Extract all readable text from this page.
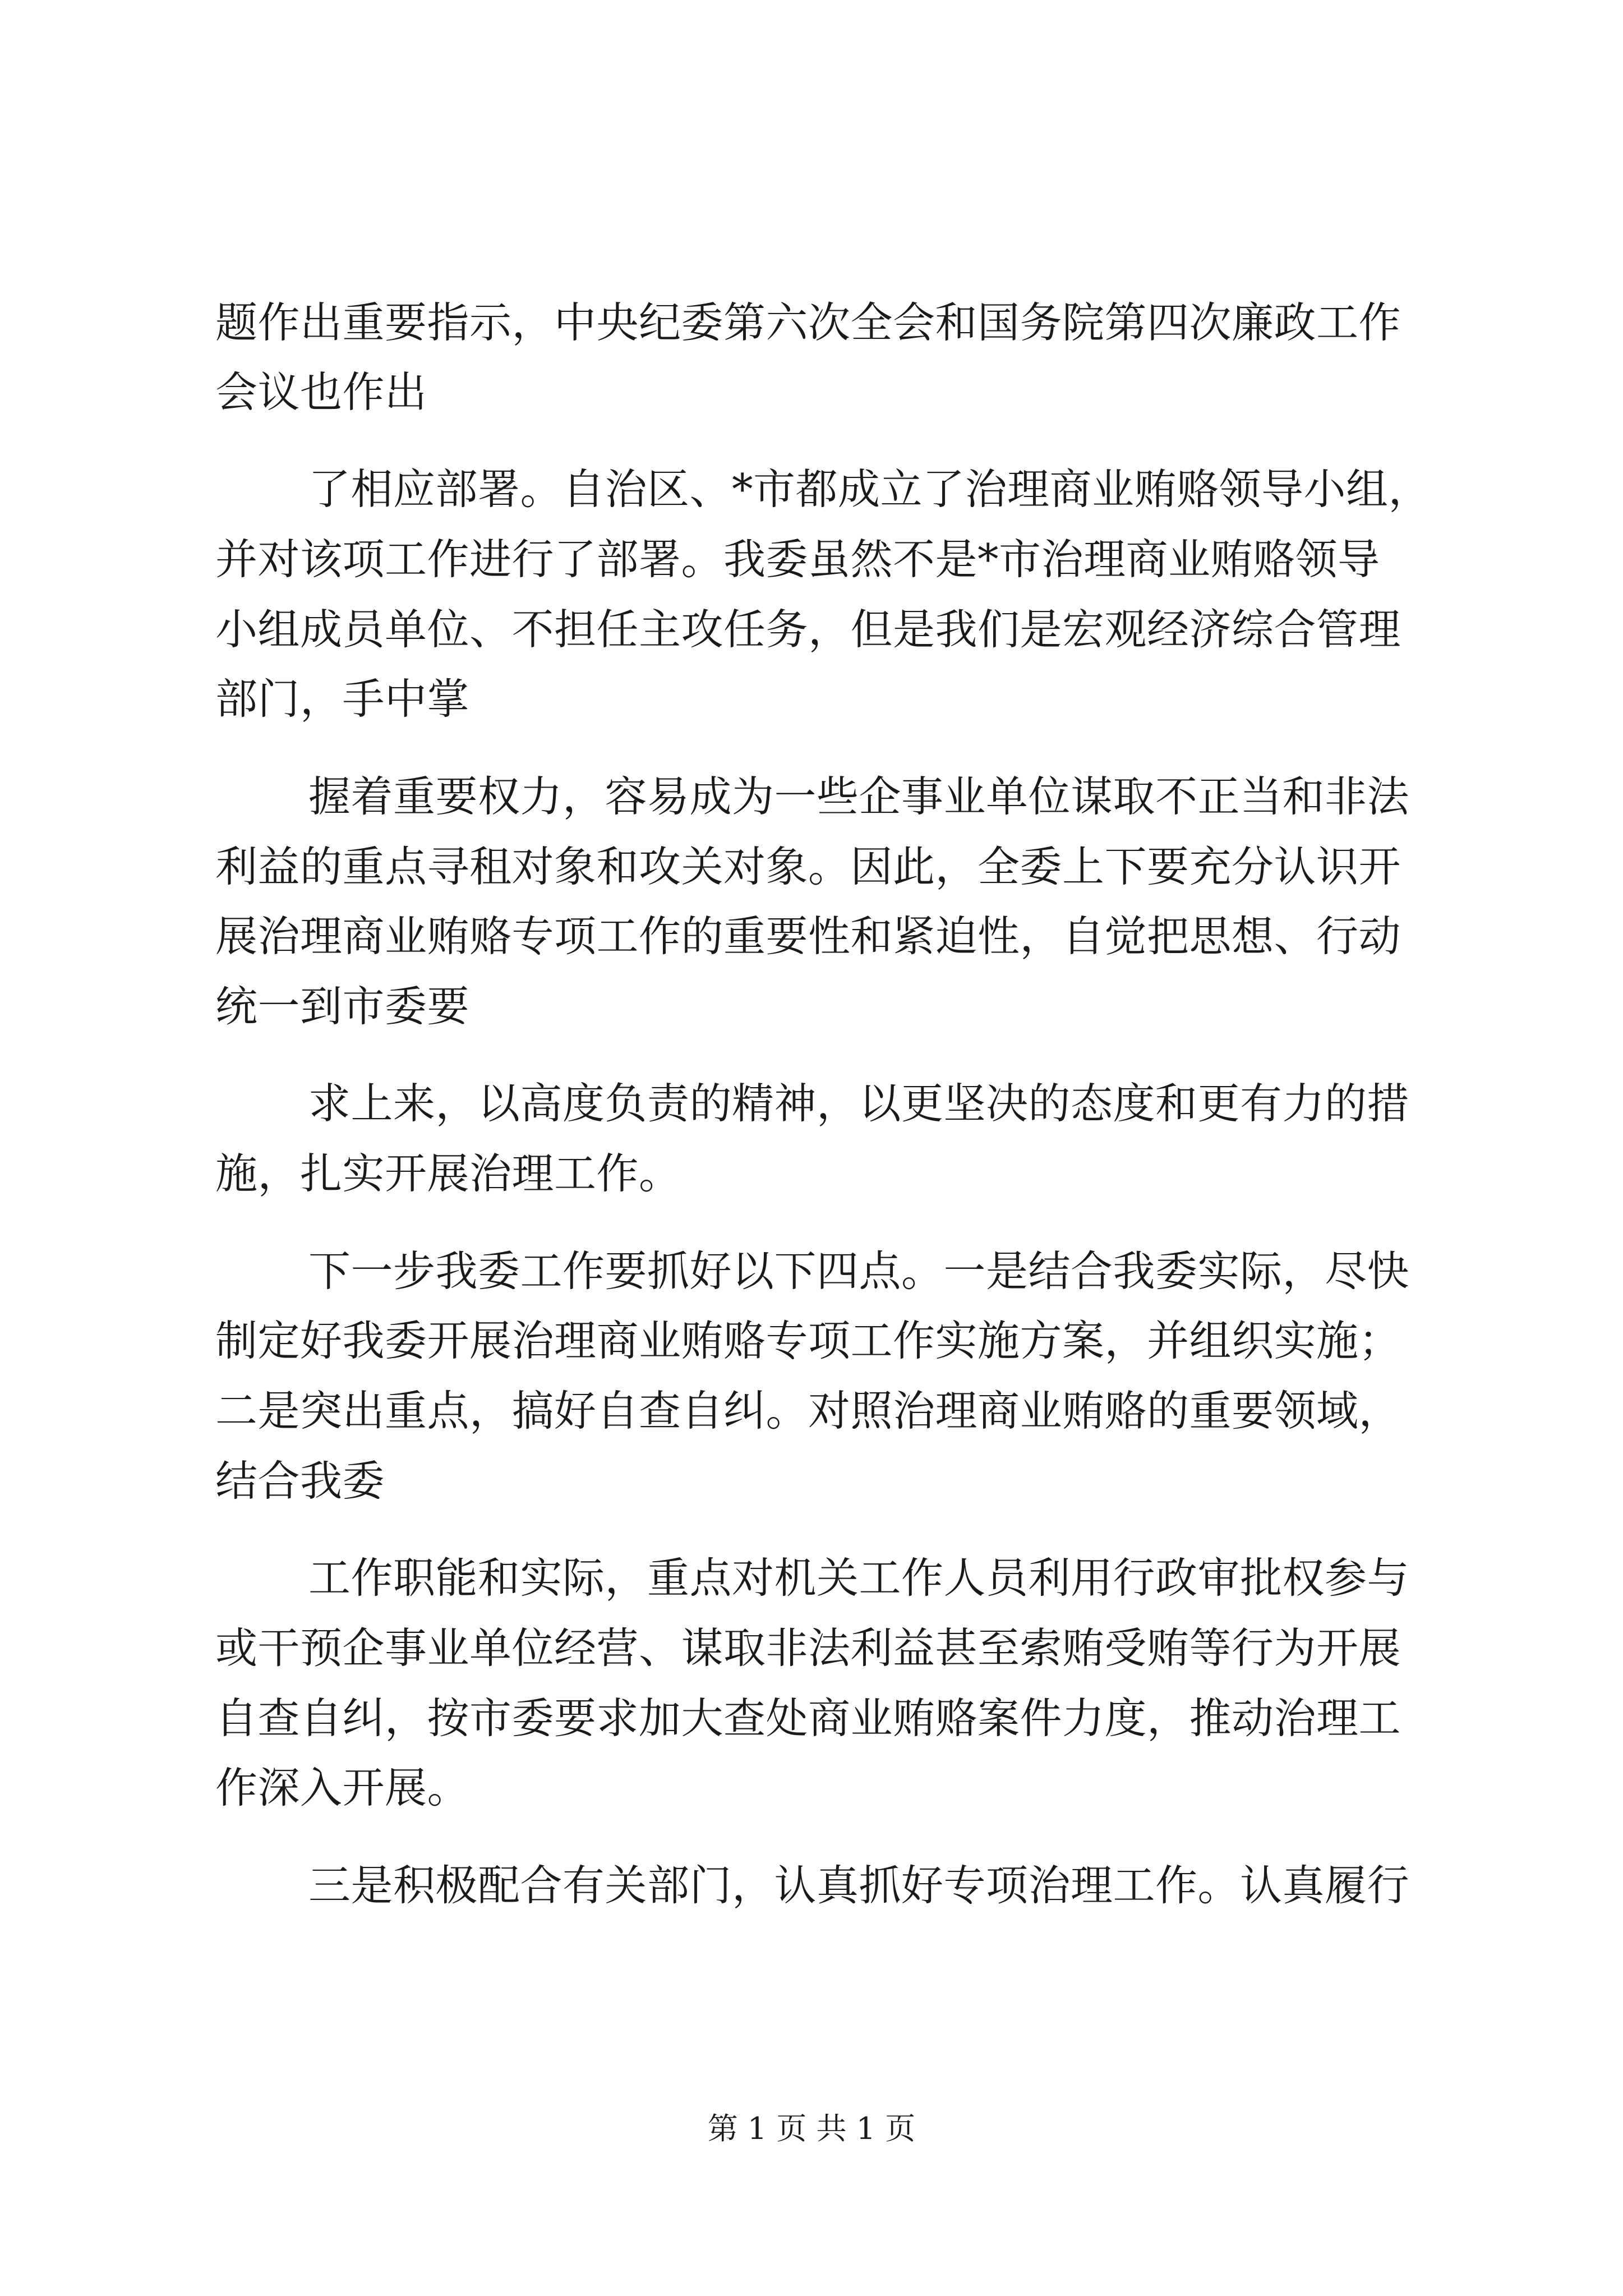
题作出重要指示，中央纪委第六次全会和国务院第四次廉政工作
会议也作出
了相应部署。自治区、*市都成立了治理商业贿赂领导小组，
并对该项工作进行了部署。我委虽然不是*市治理商业贿赂领导
小组成员单位、不担任主攻任务，但是我们是宏观经济综合管理
部门，手中掌
握着重要权力，容易成为一些企事业单位谋取不正当和非法
利益的重点寻租对象和攻关对象。因此，全委上下要充分认识开
展治理商业贿赂专项工作的重要性和紧迫性，自觉把思想、行动
统一到市委要
求上来，以高度负责的精神，以更坚决的态度和更有力的措
施，扎实开展治理工作。
下一步我委工作要抓好以下四点。一是结合我委实际，尽快
制定好我委开展治理商业贿赂专项工作实施方案，并组织实施；
二是突出重点，搞好自查自纠。对照治理商业贿赂的重要领域，
结合我委
工作职能和实际，重点对机关工作人员利用行政审批权参与
或干预企事业单位经营、谋取非法利益甚至索贿受贿等行为开展
自查自纠，按市委要求加大查处商业贿赂案件力度，推动治理工
作深入开展。
三是积极配合有关部门，认真抓好专项治理工作。认真履行
第 1 页 共 1 页
